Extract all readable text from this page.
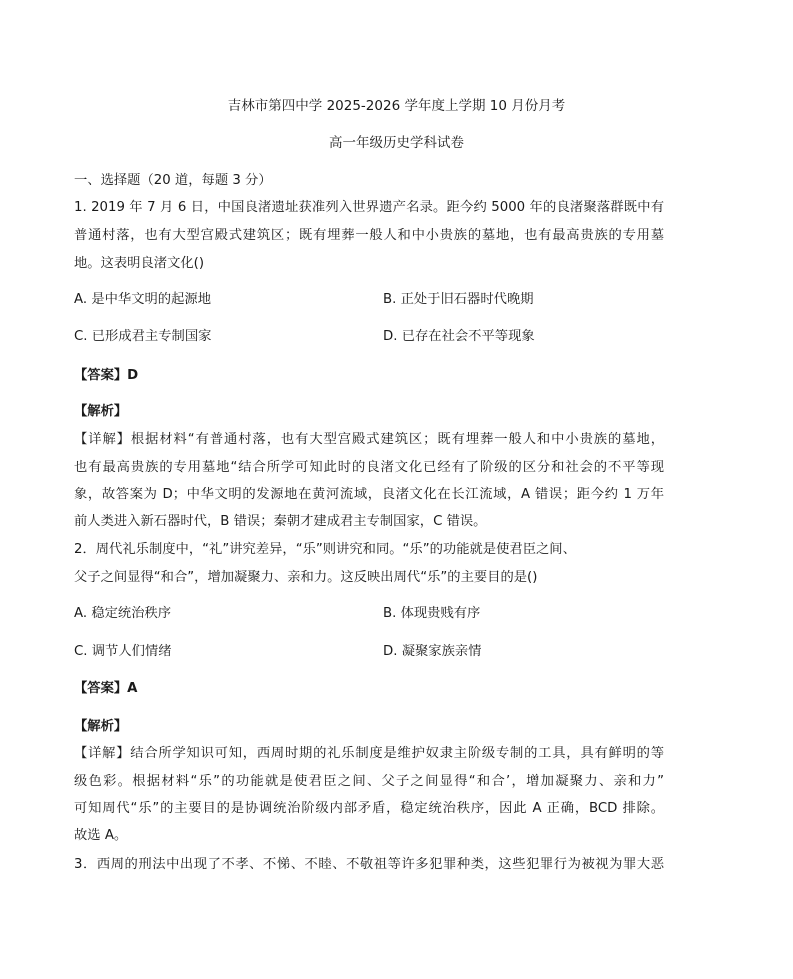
吉林市第四中学 2025-2026 学年度上学期 10 月份月考
高一年级历史学科试卷
一、选择题（20 道，每题 3 分）
1. 2019 年 7 月 6 日，中国良渚遗址获准列入世界遗产名录。距今约 5000 年的良渚聚落群既中有
普通村落，也有大型宫殿式建筑区；既有埋葬一般人和中小贵族的墓地，也有最高贵族的专用墓
地。这表明良渚文化()
A. 是中华文明的起源地	B. 正处于旧石器时代晚期
C. 已形成君主专制国家	D. 已存在社会不平等现象
【答案】D
【解析】
【详解】根据材料“有普通村落，也有大型宫殿式建筑区；既有埋葬一般人和中小贵族的墓地，
也有最高贵族的专用墓地“结合所学可知此时的良渚文化已经有了阶级的区分和社会的不平等现
象，故答案为 D；中华文明的发源地在黄河流域，良渚文化在长江流域，A 错误；距今约 1 万年
前人类进入新石器时代，B 错误；秦朝才建成君主专制国家，C 错误。
2．周代礼乐制度中，“礼”讲究差异，“乐”则讲究和同。“乐”的功能就是使君臣之间、
父子之间显得“和合”，增加凝聚力、亲和力。这反映出周代“乐”的主要目的是()
A. 稳定统治秩序	B. 体现贵贱有序
C. 调节人们情绪	D. 凝聚家族亲情
【答案】A
【解析】
【详解】结合所学知识可知，西周时期的礼乐制度是维护奴隶主阶级专制的工具，具有鲜明的等
级色彩。根据材料“乐”的功能就是使君臣之间、父子之间显得“和合’，增加凝聚力、亲和力”
可知周代“乐”的主要目的是协调统治阶级内部矛盾，稳定统治秩序，因此 A 正确，BCD 排除。
故选 A。
3．西周的刑法中出现了不孝、不悌、不睦、不敬祖等许多犯罪种类，这些犯罪行为被视为罪大恶
